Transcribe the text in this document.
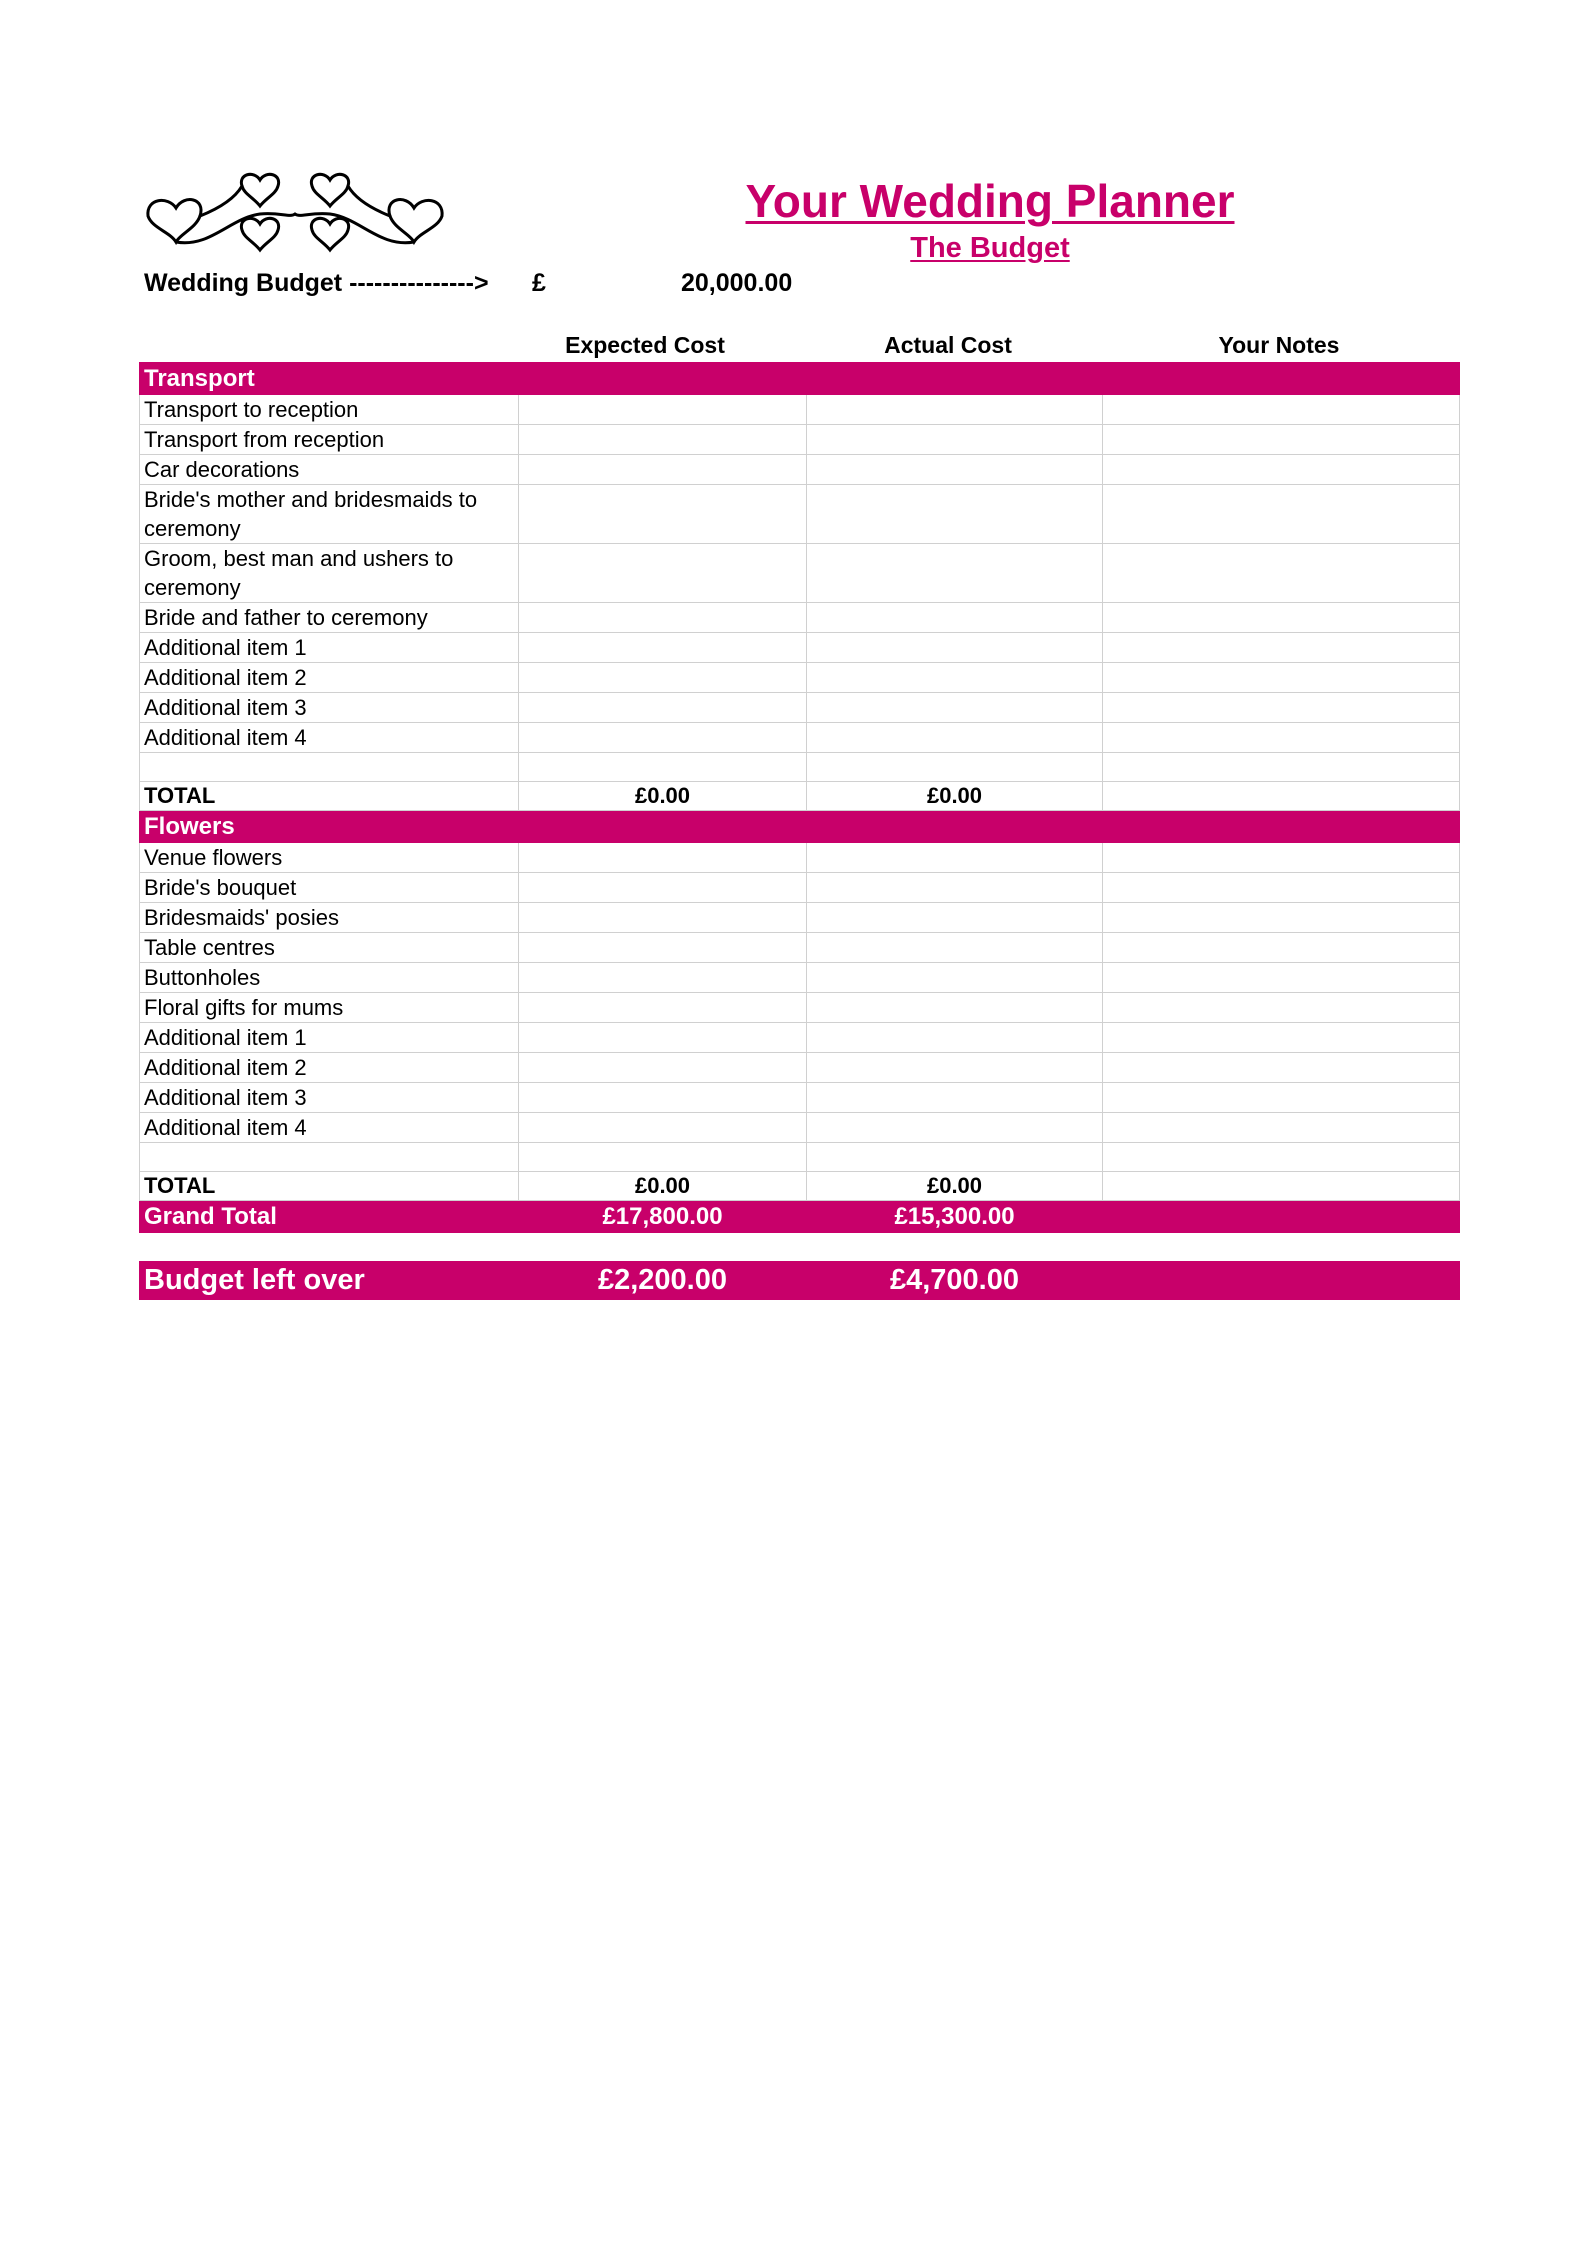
Your Wedding Planner
The Budget
Wedding Budget ---------------> £	20,000.00
Expected Cost	Actual Cost	Your Notes
Transport			
Transport to reception			
Transport from reception			
Car decorations			
Bride's mother and bridesmaids to ceremony			
Groom, best man and ushers to ceremony			
Bride and father to ceremony			
Additional item 1			
Additional item 2			
Additional item 3			
Additional item 4			

TOTAL	£0.00	£0.00	
Flowers			
Venue flowers			
Bride's bouquet			
Bridesmaids' posies			
Table centres			
Buttonholes			
Floral gifts for mums			
Additional item 1			
Additional item 2			
Additional item 3			
Additional item 4			

TOTAL	£0.00	£0.00	
Grand Total	£17,800.00	£15,300.00	

Budget left over	£2,200.00	£4,700.00	
